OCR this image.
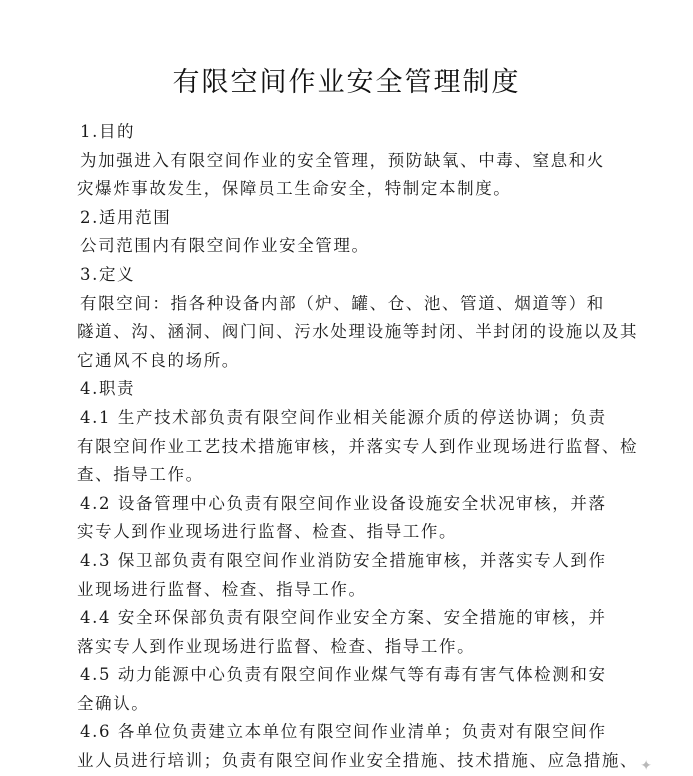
有限空间作业安全管理制度
1.目的
为加强进入有限空间作业的安全管理，预防缺氧、中毒、窒息和火
灾爆炸事故发生，保障员工生命安全，特制定本制度。
2.适用范围
公司范围内有限空间作业安全管理。
3.定义
有限空间：指各种设备内部（炉、罐、仓、池、管道、烟道等）和
隧道、沟、涵洞、阀门间、污水处理设施等封闭、半封闭的设施以及其
它通风不良的场所。
4.职责
4.1 生产技术部负责有限空间作业相关能源介质的停送协调；负责
有限空间作业工艺技术措施审核，并落实专人到作业现场进行监督、检
查、指导工作。
4.2 设备管理中心负责有限空间作业设备设施安全状况审核，并落
实专人到作业现场进行监督、检查、指导工作。
4.3 保卫部负责有限空间作业消防安全措施审核，并落实专人到作
业现场进行监督、检查、指导工作。
4.4 安全环保部负责有限空间作业安全方案、安全措施的审核，并
落实专人到作业现场进行监督、检查、指导工作。
4.5 动力能源中心负责有限空间作业煤气等有毒有害气体检测和安
全确认。
4.6 各单位负责建立本单位有限空间作业清单；负责对有限空间作
业人员进行培训；负责有限空间作业安全措施、技术措施、应急措施、 ✦
